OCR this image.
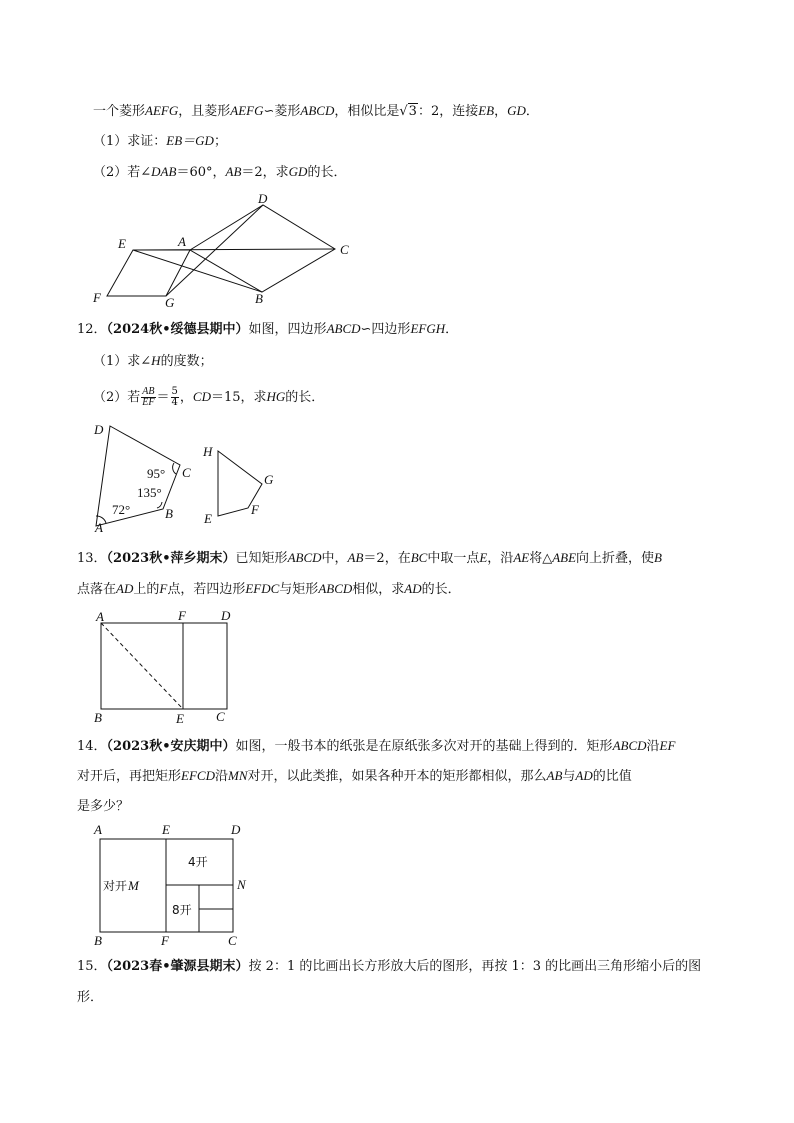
一个菱形AEFG，且菱形AEFG∽菱形ABCD，相似比是√3：2，连接EB，GD．
（1）求证：EB＝GD；
（2）若∠DAB＝60°，AB＝2，求GD的长．
D
E	A
C
F	G	B
12．（2024秋•绥德县期中）如图，四边形ABCD∽四边形EFGH．
（1）求∠H的度数；
（2）若 $\frac{AB}{EF} = \frac{5}{4}$ ，CD＝15，求HG的长．
D
C
B
A
95°
135°
72°
H
G
F
E
13．（2023秋•萍乡期末）已知矩形ABCD中，AB＝2，在BC中取一点E，沿AE将△ABE向上折叠，使B
点落在AD上的F点，若四边形EFDC与矩形ABCD相似，求AD的长．
A	F	D
B	E C
14．（2023秋•安庆期中）如图，一般书本的纸张是在原纸张多次对开的基础上得到的．矩形ABCD沿EF
对开后，再把矩形EFCD沿MN对开，以此类推，如果各种开本的矩形都相似，那么AB与AD的比值
是多少？
A	E	D
N
B	F	C
对开 M
4开
8开
15．（2023春•肇源县期末）按 2：1 的比画出长方形放大后的图形，再按 1：3 的比画出三角形缩小后的图
形．
